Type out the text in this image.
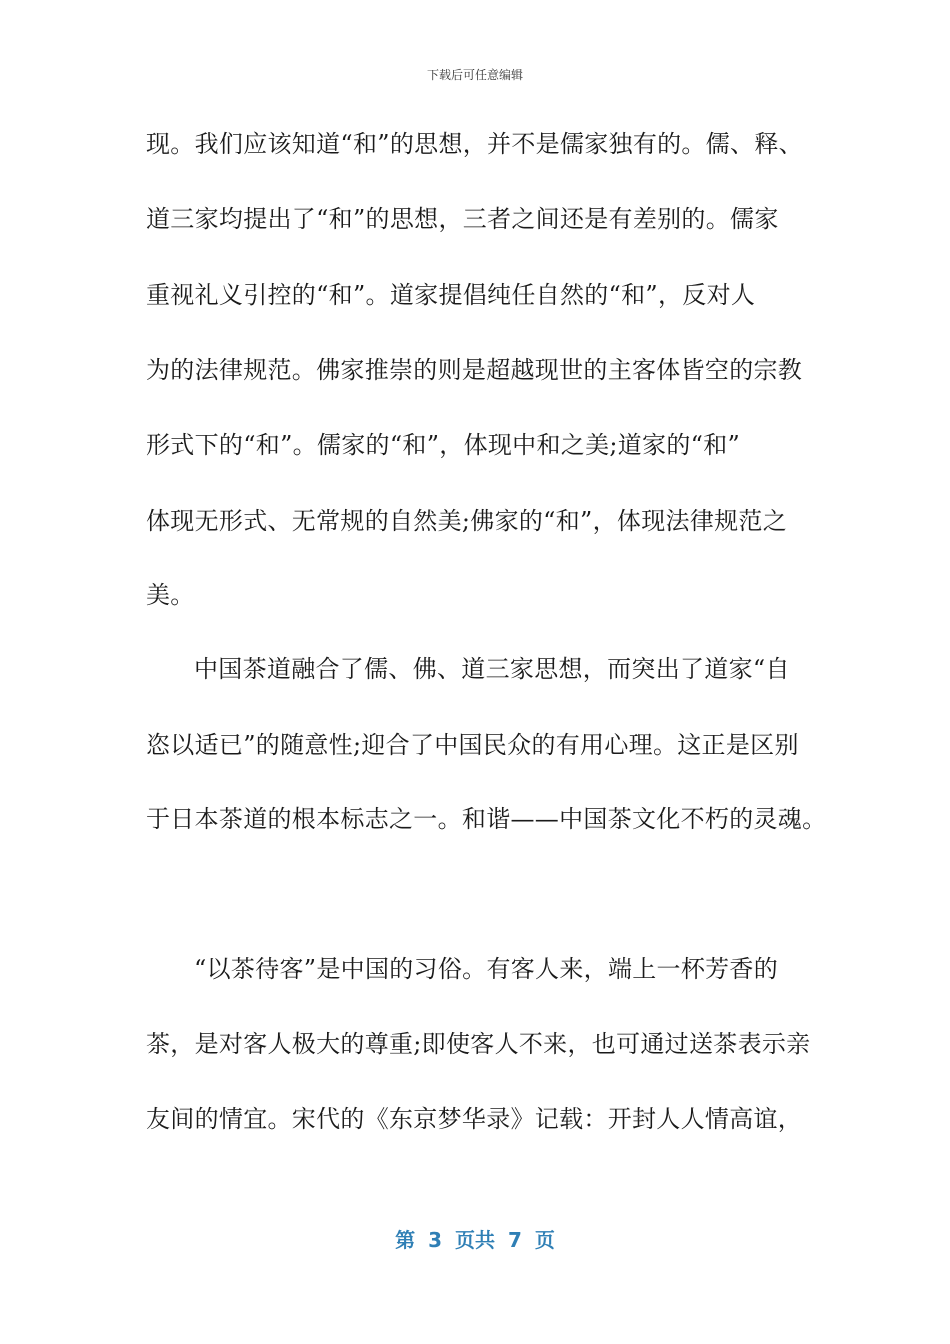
下载后可任意编辑
现。我们应该知道“和”的思想，并不是儒家独有的。儒、释、
道三家均提出了“和”的思想，三者之间还是有差别的。儒家
重视礼义引控的“和”。道家提倡纯任自然的“和”，反对人
为的法律规范。佛家推崇的则是超越现世的主客体皆空的宗教
形式下的“和”。儒家的“和”，体现中和之美;道家的“和”
体现无形式、无常规的自然美;佛家的“和”，体现法律规范之
美。
中国茶道融合了儒、佛、道三家思想，而突出了道家“自
恣以适已”的随意性;迎合了中国民众的有用心理。这正是区别
于日本茶道的根本标志之一。和谐——中国茶文化不朽的灵魂。
“以茶待客”是中国的习俗。有客人来，端上一杯芳香的
茶，是对客人极大的尊重;即使客人不来，也可通过送茶表示亲
友间的情宜。宋代的《东京梦华录》记载：开封人人情高谊，
第 3 页共 7 页
